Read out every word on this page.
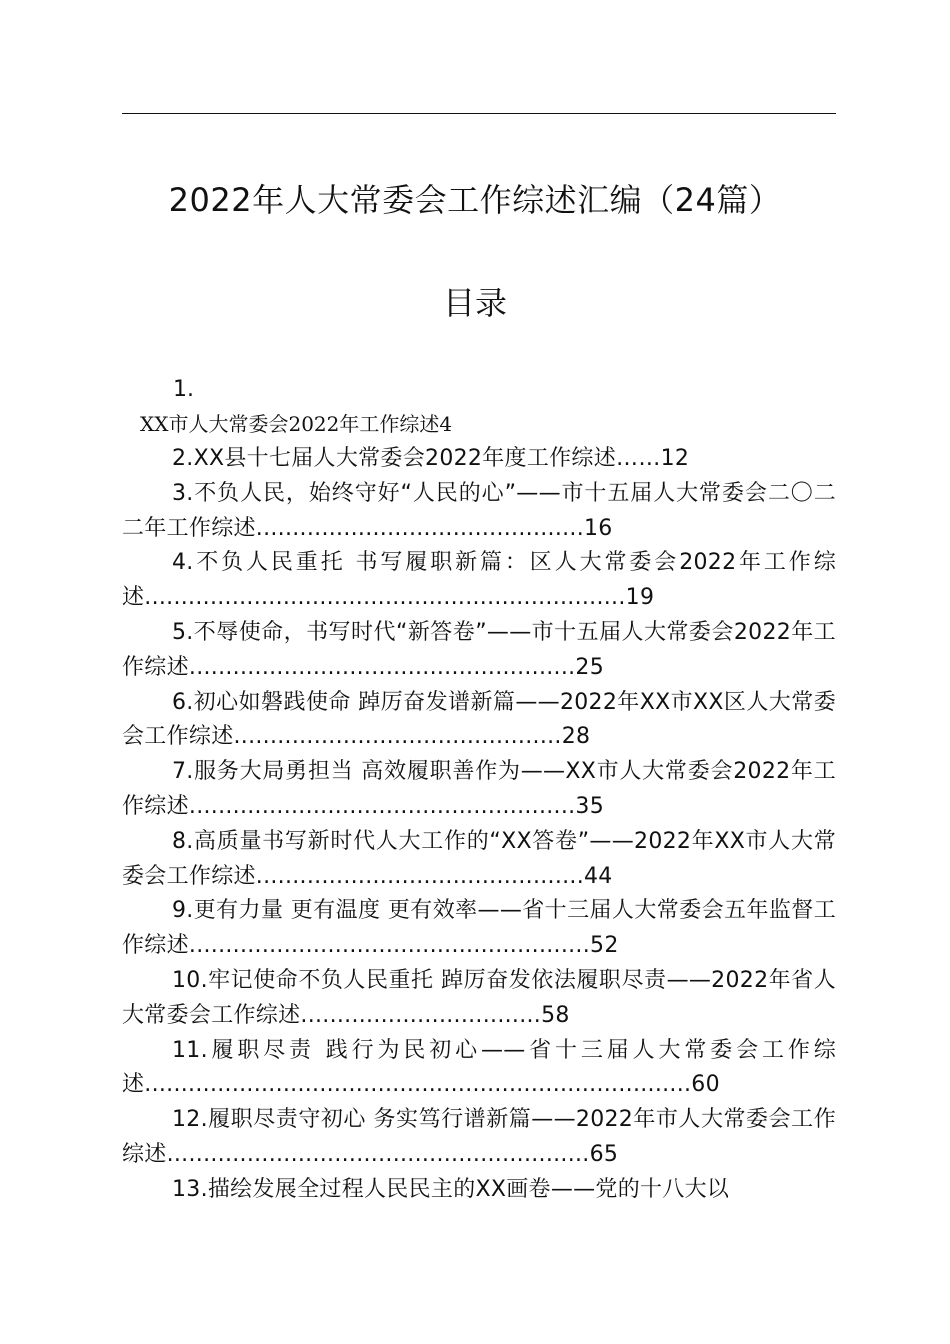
2022年人大常委会工作综述汇编（24篇）
目录
1.
XX市人大常委会2022年工作综述4
2.XX县十七届人大常委会2022年度工作综述……12
3.不负人民，始终守好“人民的心”——市十五届人大常委会二〇二二年工作综述.............................................16
4.不负人民重托 书写履职新篇：区人大常委会2022年工作综述..................................................................19
5.不辱使命，书写时代“新答卷”——市十五届人大常委会2022年工作综述.....................................................25
6.初心如磐践使命 踔厉奋发谱新篇——2022年XX市XX区人大常委会工作综述.............................................28
7.服务大局勇担当 高效履职善作为——XX市人大常委会2022年工作综述.....................................................35
8.高质量书写新时代人大工作的“XX答卷”——2022年XX市人大常委会工作综述.............................................44
9.更有力量 更有温度 更有效率——省十三届人大常委会五年监督工作综述.......................................................52
10.牢记使命不负人民重托 踔厉奋发依法履职尽责——2022年省人大常委会工作综述.................................58
11.履职尽责 践行为民初心——省十三届人大常委会工作综述...........................................................................60
12.履职尽责守初心 务实笃行谱新篇——2022年市人大常委会工作综述..........................................................65
13.描绘发展全过程人民民主的XX画卷——党的十八大以
